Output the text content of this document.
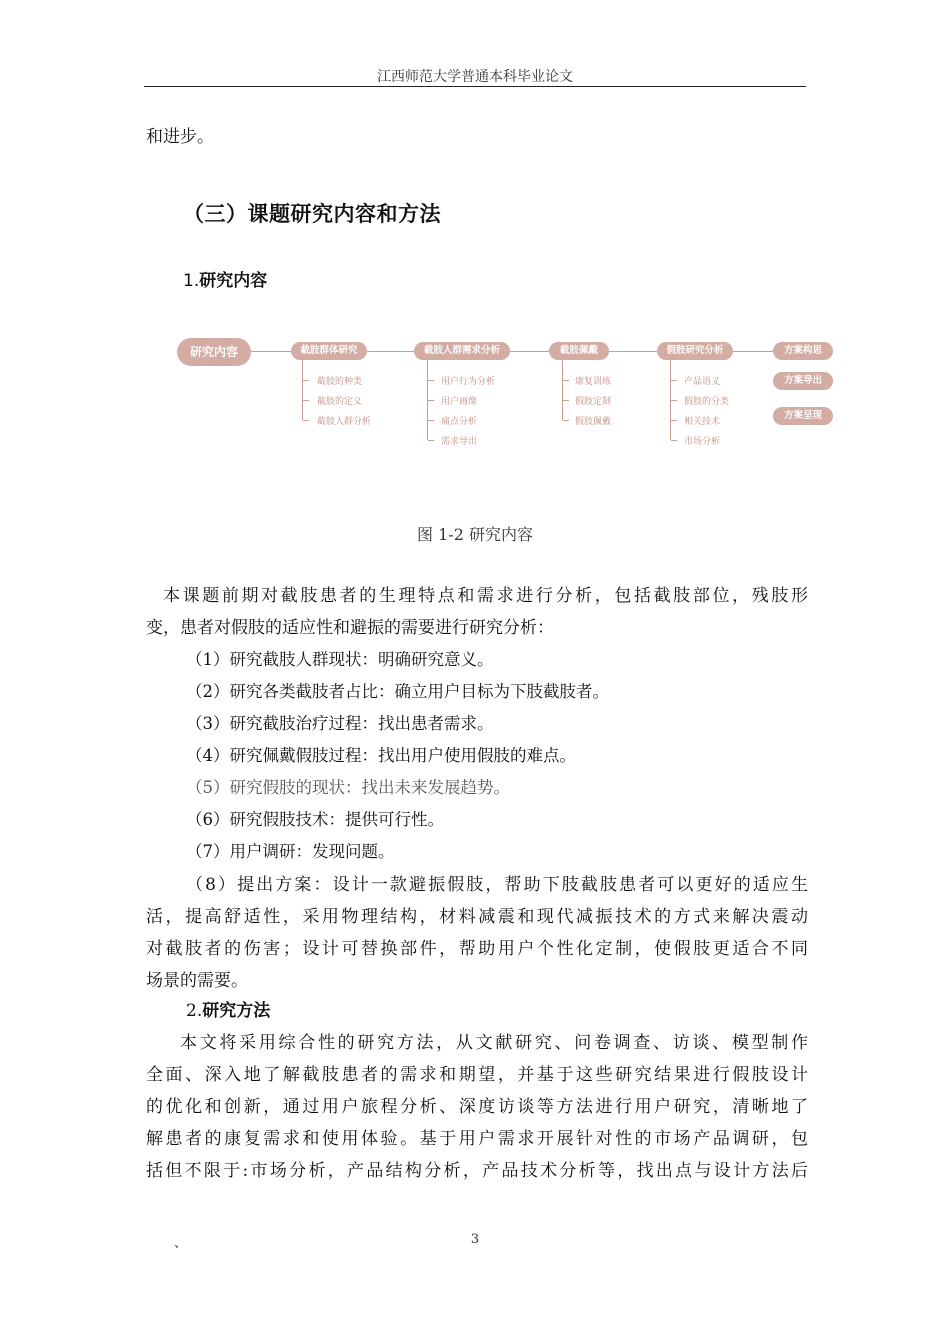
江西师范大学普通本科毕业论文
和进步。
（三）课题研究内容和方法
1.研究内容
研究内容	截肢群体研究
截肢的种类
截肢的定义
截肢人群分析
截肢人群需求分析
用户行为分析
用户画像
痛点分析
需求导出
截肢佩戴
康复训练
假肢定制
假肢佩戴
假肢研究分析
产品语义
假肢的分类
相关技术
市场分析
方案构思
方案导出
方案呈现
图 1-2 研究内容
本课题前期对截肢患者的生理特点和需求进行分析，包括截肢部位，残肢形
变，患者对假肢的适应性和避振的需要进行研究分析：
（1）研究截肢人群现状：明确研究意义。
（2）研究各类截肢者占比：确立用户目标为下肢截肢者。
（3）研究截肢治疗过程：找出患者需求。
（4）研究佩戴假肢过程：找出用户使用假肢的难点。
（5）研究假肢的现状：找出未来发展趋势。
（6）研究假肢技术：提供可行性。
（7）用户调研：发现问题。
（8）提出方案：设计一款避振假肢，帮助下肢截肢患者可以更好的适应生
活，提高舒适性，采用物理结构，材料减震和现代减振技术的方式来解决震动
对截肢者的伤害；设计可替换部件，帮助用户个性化定制，使假肢更适合不同
场景的需要。
2.研究方法
本文将采用综合性的研究方法，从文献研究、问卷调查、访谈、模型制作
全面、深入地了解截肢患者的需求和期望，并基于这些研究结果进行假肢设计
的优化和创新，通过用户旅程分析、深度访谈等方法进行用户研究，清晰地了
解患者的康复需求和使用体验。基于用户需求开展针对性的市场产品调研，包
括但不限于:市场分析，产品结构分析，产品技术分析等，找出点与设计方法后
、	3
